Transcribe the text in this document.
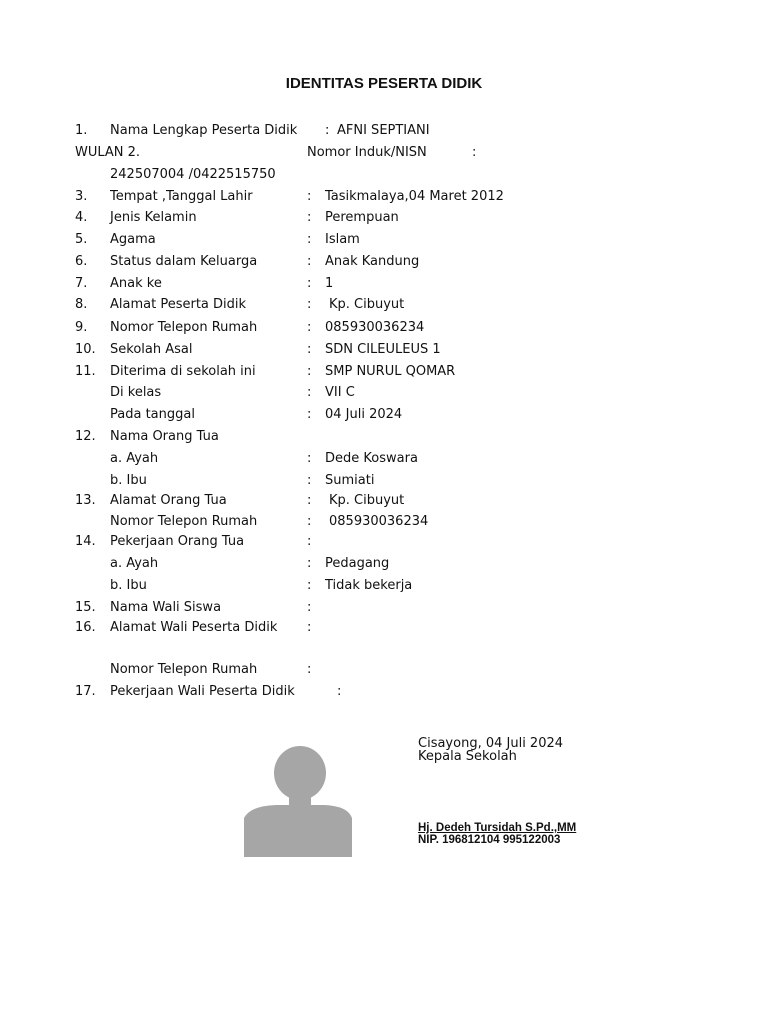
IDENTITAS PESERTA DIDIK
1. Nama Lengkap Peserta Didik : AFNI SEPTIANI
WULAN 2.	Nomor Induk/NISN	:
242507004 /0422515750
3. Tempat ,Tanggal Lahir	: Tasikmalaya,04 Maret 2012
4. Jenis Kelamin	: Perempuan
5. Agama	: Islam
6. Status dalam Keluarga	: Anak Kandung
7. Anak ke	: 1
8. Alamat Peserta Didik	: Kp. Cibuyut
9. Nomor Telepon Rumah	: 085930036234
10. Sekolah Asal	: SDN CILEULEUS 1
11. Diterima di sekolah ini	: SMP NURUL QOMAR
Di kelas	: VII C
Pada tanggal	: 04 Juli 2024
12. Nama Orang Tua
a. Ayah	: Dede Koswara
b. Ibu	: Sumiati
13. Alamat Orang Tua	: Kp. Cibuyut
Nomor Telepon Rumah	: 085930036234
14. Pekerjaan Orang Tua	:
a. Ayah	: Pedagang
b. Ibu	: Tidak bekerja
15. Nama Wali Siswa	:
16. Alamat Wali Peserta Didik :
Nomor Telepon Rumah	:
17. Pekerjaan Wali Peserta Didik	:
Cisayong, 04 Juli 2024
Kepala Sekolah
Hj. Dedeh Tursidah S.Pd.,MM
NIP. 196812104 995122003
